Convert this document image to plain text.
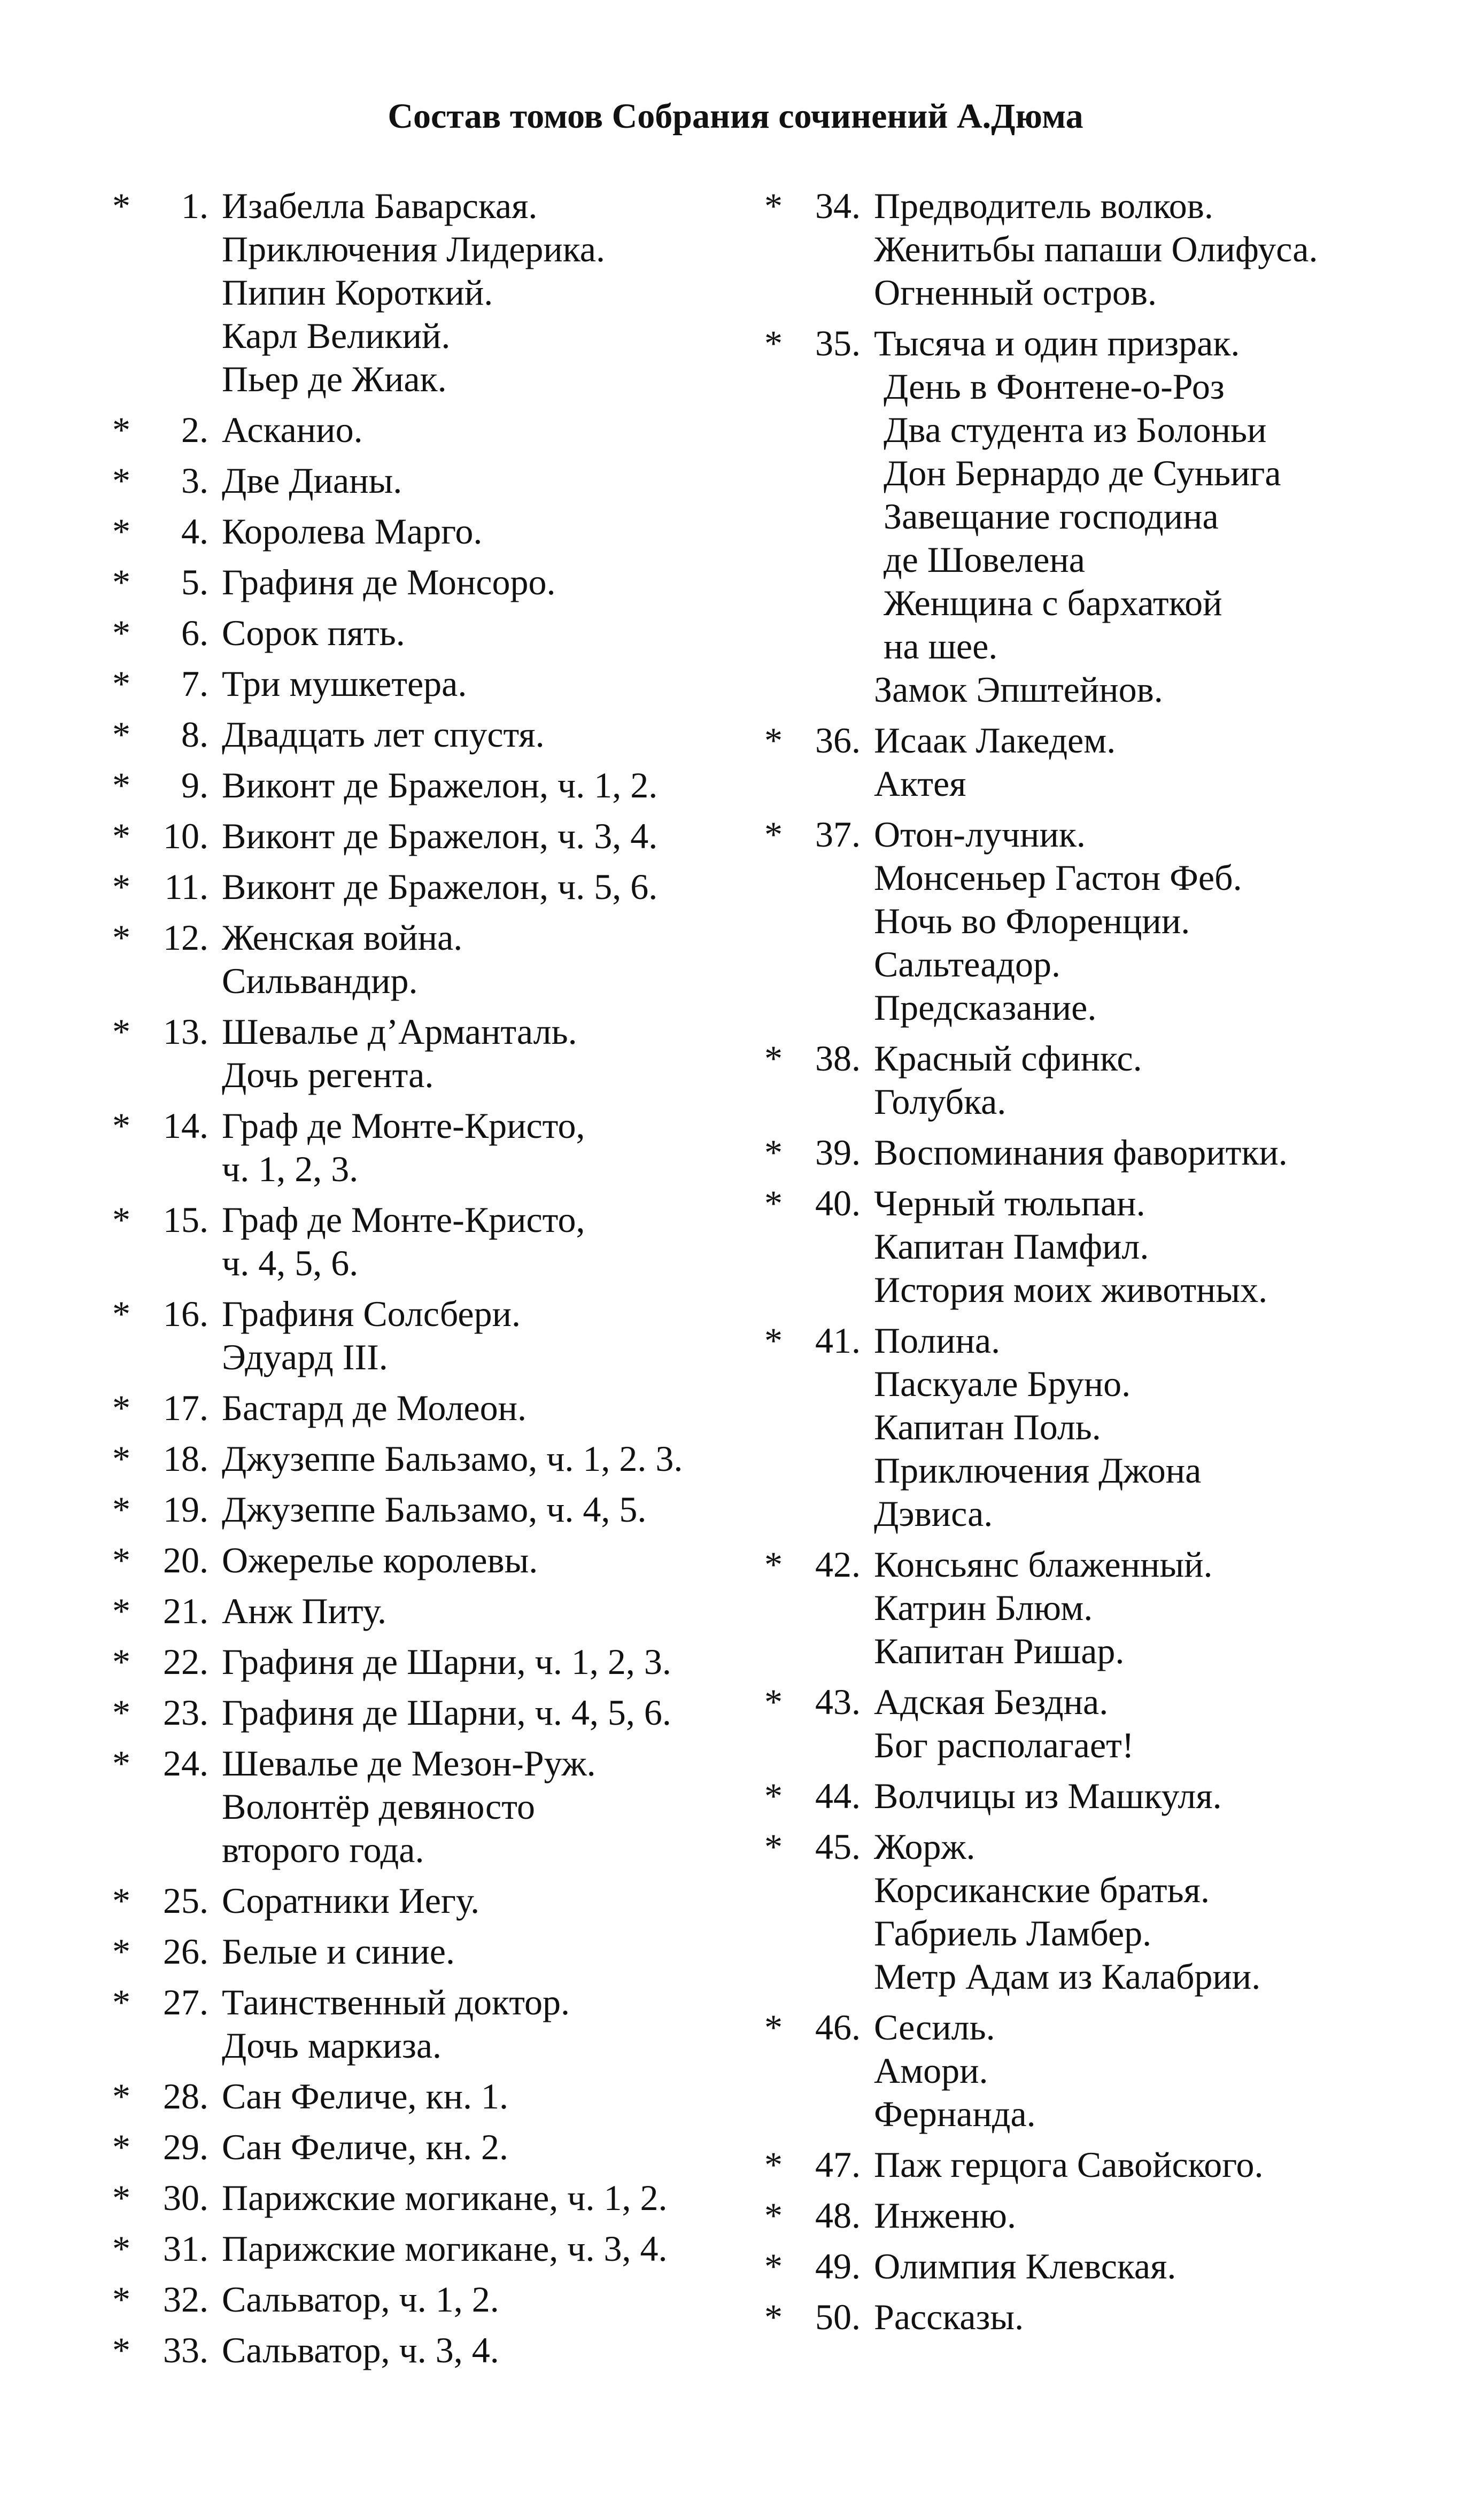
Состав томов Собрания сочинений А.Дюма
*	1. Изабелла Баварская.
Приключения Лидерика.
Пипин Короткий.
Карл Великий.
Пьер де Жиак.
*	2. Асканио.
*	3. Две Дианы.
*	4. Королева Марго.
*	5. Графиня де Монсоро.
*	6. Сорок пять.
*	7. Три мушкетера.
*	8. Двадцать лет спустя.
*	9. Виконт де Бражелон, ч. 1, 2.
* 10. Виконт де Бражелон, ч. 3, 4.
* 11. Виконт де Бражелон, ч. 5, 6.
* 12. Женская война.
Сильвандир.
* 13. Шевалье д’Арманталь.
Дочь регента.
* 14. Граф де Монте-Кристо,
ч. 1, 2, 3.
* 15. Граф де Монте-Кристо,
ч. 4, 5, 6.
* 16. Графиня Солсбери.
Эдуард III.
* 17. Бастард де Молеон.
* 18. Джузеппе Бальзамо, ч. 1, 2. 3.
* 19. Джузеппе Бальзамо, ч. 4, 5.
* 20. Ожерелье королевы.
* 21. Анж Питу.
* 22. Графиня де Шарни, ч. 1, 2, 3.
* 23. Графиня де Шарни, ч. 4, 5, 6.
* 24. Шевалье де Мезон-Руж.
Волонтёр девяносто
второго года.
* 25. Соратники Иегу.
* 26. Белые и синие.
* 27. Таинственный доктор.
Дочь маркиза.
* 28. Сан Феличе, кн. 1.
* 29. Сан Феличе, кн. 2.
* 30. Парижские могикане, ч. 1, 2.
* 31. Парижские могикане, ч. 3, 4.
* 32. Сальватор, ч. 1, 2.
* 33. Сальватор, ч. 3, 4.
* 34. Предводитель волков.
Женитьбы папаши Олифуса.
Огненный остров.
* 35. Тысяча и один призрак.
День в Фонтене-о-Роз
Два студента из Болоньи
Дон Бернардо де Суньига
Завещание господина
де Шовелена
Женщина с бархаткой
на шее.
Замок Эпштейнов.
* 36. Исаак Лакедем.
Актея
* 37. Отон-лучник.
Монсеньер Гастон Феб.
Ночь во Флоренции.
Сальтеадор.
Предсказание.
* 38. Красный сфинкс.
Голубка.
* 39. Воспоминания фаворитки.
* 40. Черный тюльпан.
Капитан Памфил.
История моих животных.
* 41. Полина.
Паскуале Бруно.
Капитан Поль.
Приключения Джона
Дэвиса.
* 42. Консьянс блаженный.
Катрин Блюм.
Капитан Ришар.
* 43. Адская Бездна.
Бог располагает!
* 44. Волчицы из Машкуля.
* 45. Жорж.
Корсиканские братья.
Габриель Ламбер.
Метр Адам из Калабрии.
* 46. Сесиль.
Амори.
Фернанда.
* 47. Паж герцога Савойского.
* 48. Инженю.
* 49. Олимпия Клевская.
* 50. Рассказы.
